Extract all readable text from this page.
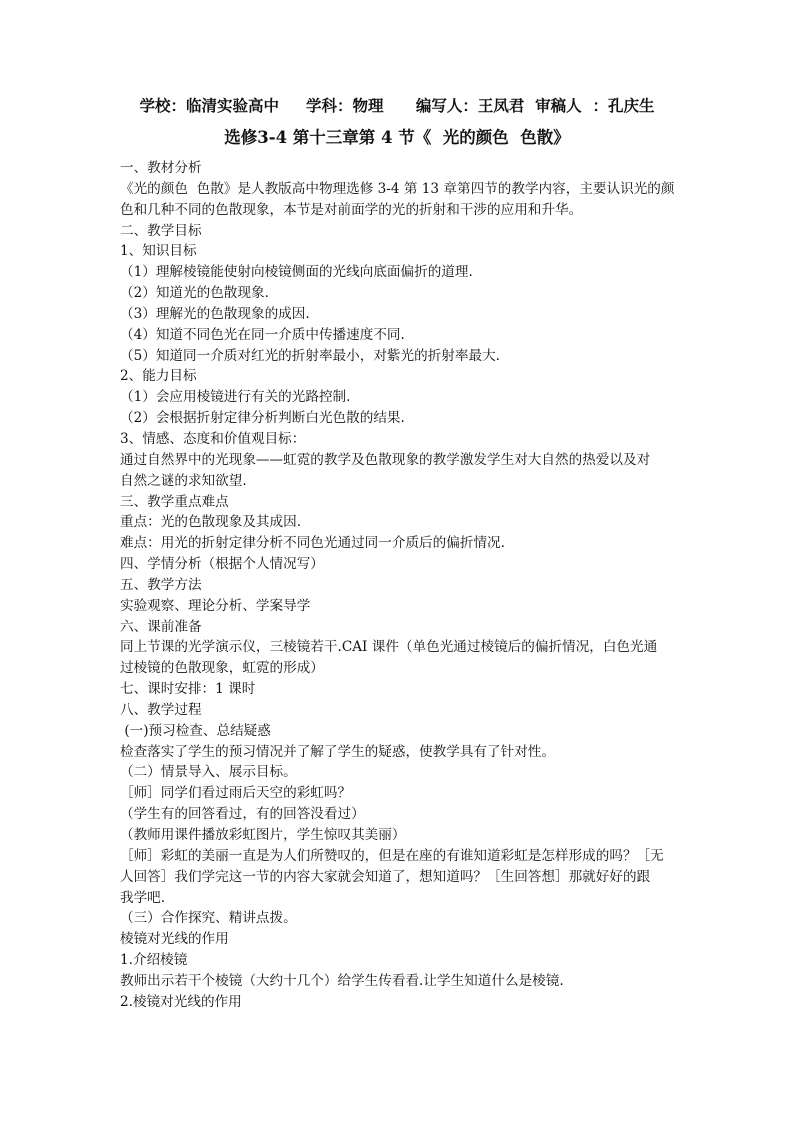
学校：临清实验高中     学科：物理      编写人：王凤君  审稿人  ：孔庆生
选修3-4 第十三章第 4 节《  光的颜色  色散》
一、教材分析
《光的颜色  色散》是人教版高中物理选修 3-4 第 13 章第四节的教学内容，主要认识光的颜
色和几种不同的色散现象，本节是对前面学的光的折射和干涉的应用和升华。
二、教学目标
1、知识目标
（1）理解棱镜能使射向棱镜侧面的光线向底面偏折的道理.
（2）知道光的色散现象.
（3）理解光的色散现象的成因.
（4）知道不同色光在同一介质中传播速度不同.
（5）知道同一介质对红光的折射率最小，对紫光的折射率最大.
2、能力目标
（1）会应用棱镜进行有关的光路控制.
（2）会根据折射定律分析判断白光色散的结果.
3、情感、态度和价值观目标：
通过自然界中的光现象——虹霓的教学及色散现象的教学激发学生对大自然的热爱以及对
自然之谜的求知欲望.
三、教学重点难点
重点：光的色散现象及其成因.
难点：用光的折射定律分析不同色光通过同一介质后的偏折情况.
四、学情分析（根据个人情况写）
五、教学方法
实验观察、理论分析、学案导学
六、课前准备
同上节课的光学演示仪，三棱镜若干.CAI 课件（单色光通过棱镜后的偏折情况，白色光通
过棱镜的色散现象，虹霓的形成）
七、课时安排：1 课时
八、教学过程
(一)预习检查、总结疑惑
检查落实了学生的预习情况并了解了学生的疑惑，使教学具有了针对性。
（二）情景导入、展示目标。
［师］同学们看过雨后天空的彩虹吗？
（学生有的回答看过，有的回答没看过）
（教师用课件播放彩虹图片，学生惊叹其美丽）
［师］彩虹的美丽一直是为人们所赞叹的，但是在座的有谁知道彩虹是怎样形成的吗？［无
人回答］我们学完这一节的内容大家就会知道了，想知道吗？［生回答想］那就好好的跟
我学吧.
（三）合作探究、精讲点拨。
棱镜对光线的作用
1.介绍棱镜
教师出示若干个棱镜（大约十几个）给学生传看看.让学生知道什么是棱镜.
2.棱镜对光线的作用
